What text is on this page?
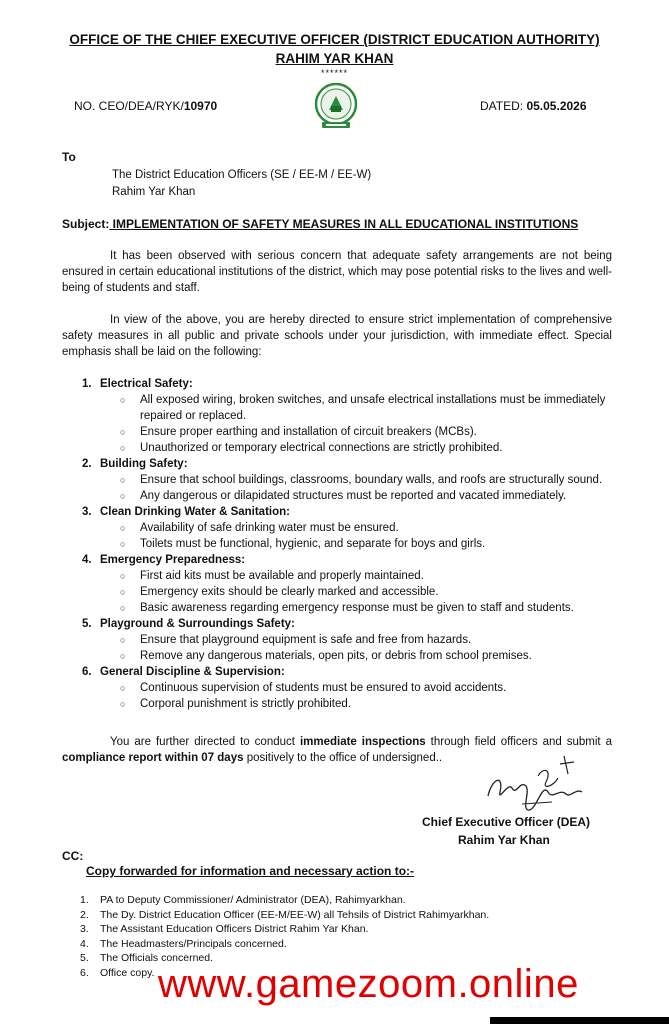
OFFICE OF THE CHIEF EXECUTIVE OFFICER (DISTRICT EDUCATION AUTHORITY)
RAHIM YAR KHAN
******
NO. CEO/DEA/RYK/10970	DATED: 05.05.2026
To
The District Education Officers (SE / EE-M / EE-W)
Rahim Yar Khan
Subject: IMPLEMENTATION OF SAFETY MEASURES IN ALL EDUCATIONAL INSTITUTIONS
It has been observed with serious concern that adequate safety arrangements are not being ensured in certain educational institutions of the district, which may pose potential risks to the lives and well-being of students and staff.
In view of the above, you are hereby directed to ensure strict implementation of comprehensive safety measures in all public and private schools under your jurisdiction, with immediate effect. Special emphasis shall be laid on the following:
1. Electrical Safety:
○ All exposed wiring, broken switches, and unsafe electrical installations must be immediately repaired or replaced.
○ Ensure proper earthing and installation of circuit breakers (MCBs).
○ Unauthorized or temporary electrical connections are strictly prohibited.
2. Building Safety:
○ Ensure that school buildings, classrooms, boundary walls, and roofs are structurally sound.
○ Any dangerous or dilapidated structures must be reported and vacated immediately.
3. Clean Drinking Water & Sanitation:
○ Availability of safe drinking water must be ensured.
○ Toilets must be functional, hygienic, and separate for boys and girls.
4. Emergency Preparedness:
○ First aid kits must be available and properly maintained.
○ Emergency exits should be clearly marked and accessible.
○ Basic awareness regarding emergency response must be given to staff and students.
5. Playground & Surroundings Safety:
○ Ensure that playground equipment is safe and free from hazards.
○ Remove any dangerous materials, open pits, or debris from school premises.
6. General Discipline & Supervision:
○ Continuous supervision of students must be ensured to avoid accidents.
○ Corporal punishment is strictly prohibited.
You are further directed to conduct immediate inspections through field officers and submit a compliance report within 07 days positively to the office of undersigned..
Chief Executive Officer (DEA)
Rahim Yar Khan
CC:
Copy forwarded for information and necessary action to:-
1. PA to Deputy Commissioner/ Administrator (DEA), Rahimyarkhan.
2. The Dy. District Education Officer (EE-M/EE-W) all Tehsils of District Rahimyarkhan.
3. The Assistant Education Officers District Rahim Yar Khan.
4. The Headmasters/Principals concerned.
5. The Officials concerned.
6. Office copy. www.gamezoom.online
